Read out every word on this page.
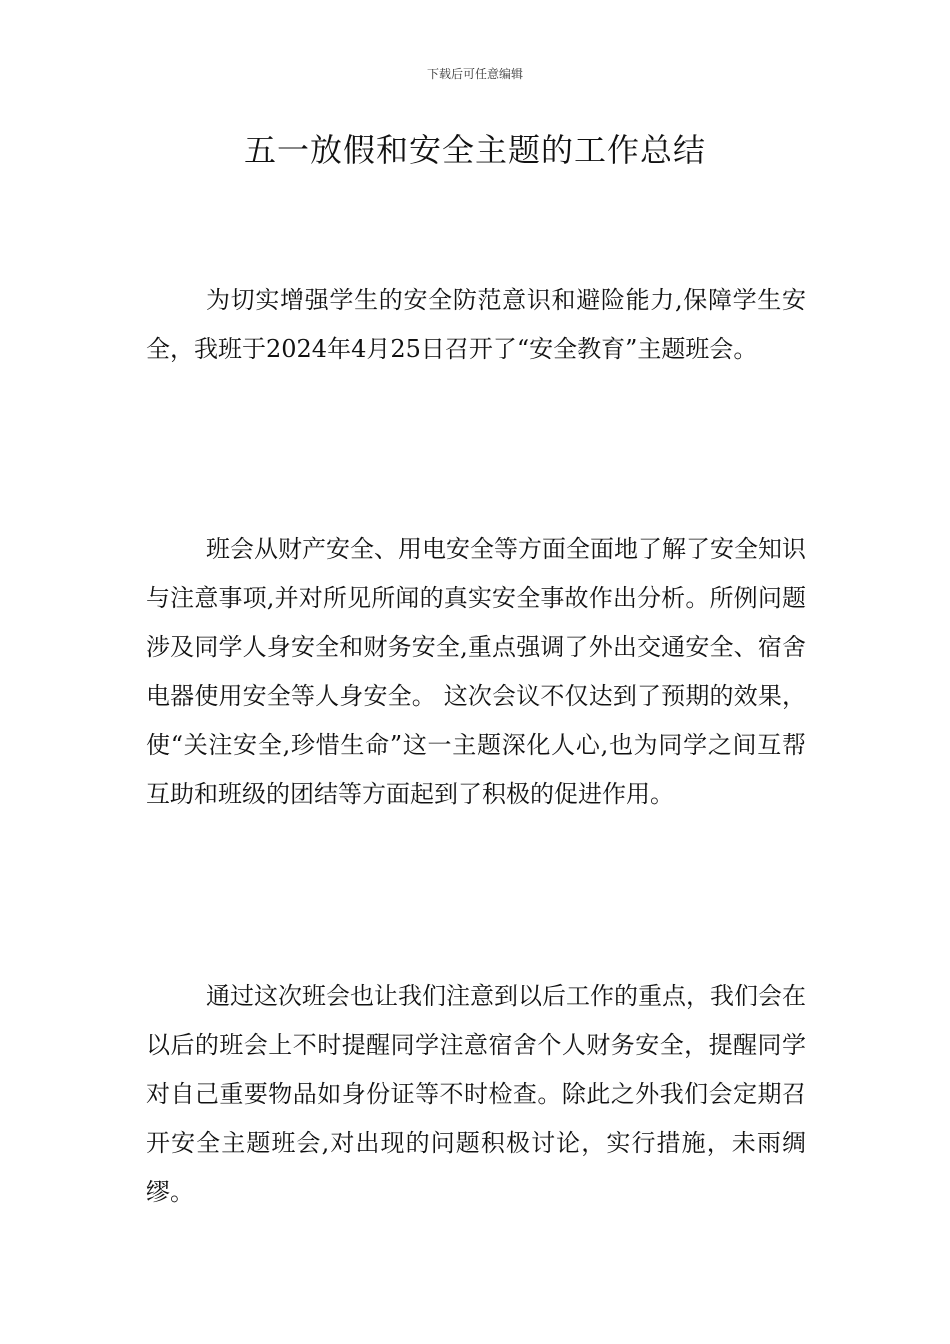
下载后可任意编辑
五一放假和安全主题的工作总结

为切实增强学生的安全防范意识和避险能力,保障学生安全，我班于2024年4月25日召开了“安全教育”主题班会。

班会从财产安全、用电安全等方面全面地了解了安全知识与注意事项,并对所见所闻的真实安全事故作出分析。所例问题涉及同学人身安全和财务安全,重点强调了外出交通安全、宿舍电器使用安全等人身安全。 这次会议不仅达到了预期的效果，使“关注安全,珍惜生命”这一主题深化人心,也为同学之间互帮互助和班级的团结等方面起到了积极的促进作用。

通过这次班会也让我们注意到以后工作的重点，我们会在以后的班会上不时提醒同学注意宿舍个人财务安全，提醒同学对自己重要物品如身份证等不时检查。除此之外我们会定期召开安全主题班会,对出现的问题积极讨论，实行措施，未雨绸缪。
